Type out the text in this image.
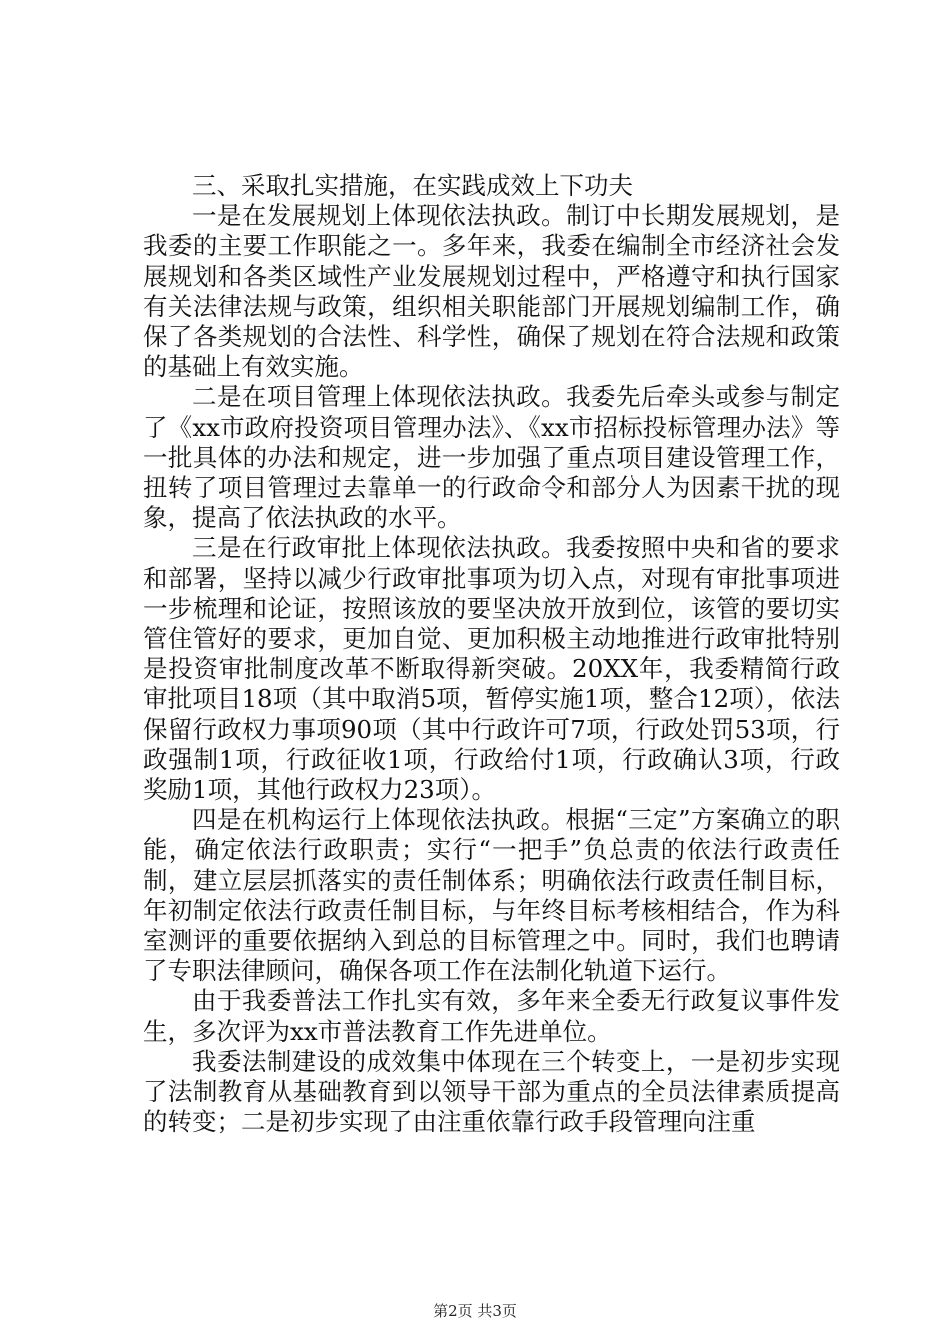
三、采取扎实措施，在实践成效上下功夫

一是在发展规划上体现依法执政。制订中长期发展规划，是我委的主要工作职能之一。多年来，我委在编制全市经济社会发展规划和各类区域性产业发展规划过程中，严格遵守和执行国家有关法律法规与政策，组织相关职能部门开展规划编制工作，确保了各类规划的合法性、科学性，确保了规划在符合法规和政策的基础上有效实施。

二是在项目管理上体现依法执政。我委先后牵头或参与制定了《xx市政府投资项目管理办法》、《xx市招标投标管理办法》等一批具体的办法和规定，进一步加强了重点项目建设管理工作，扭转了项目管理过去靠单一的行政命令和部分人为因素干扰的现象，提高了依法执政的水平。

三是在行政审批上体现依法执政。我委按照中央和省的要求和部署，坚持以减少行政审批事项为切入点，对现有审批事项进一步梳理和论证，按照该放的要坚决放开放到位，该管的要切实管住管好的要求，更加自觉、更加积极主动地推进行政审批特别是投资审批制度改革不断取得新突破。20XX年，我委精简行政审批项目18项（其中取消5项，暂停实施1项，整合12项），依法保留行政权力事项90项（其中行政许可7项，行政处罚53项，行政强制1项，行政征收1项，行政给付1项，行政确认3项，行政奖励1项，其他行政权力23项）。

四是在机构运行上体现依法执政。根据“三定”方案确立的职能，确定依法行政职责；实行“一把手”负总责的依法行政责任制，建立层层抓落实的责任制体系；明确依法行政责任制目标，年初制定依法行政责任制目标，与年终目标考核相结合，作为科室测评的重要依据纳入到总的目标管理之中。同时，我们也聘请了专职法律顾问，确保各项工作在法制化轨道下运行。

由于我委普法工作扎实有效，多年来全委无行政复议事件发生，多次评为xx市普法教育工作先进单位。

我委法制建设的成效集中体现在三个转变上，一是初步实现了法制教育从基础教育到以领导干部为重点的全员法律素质提高的转变；二是初步实现了由注重依靠行政手段管理向注重

第2页 共3页
